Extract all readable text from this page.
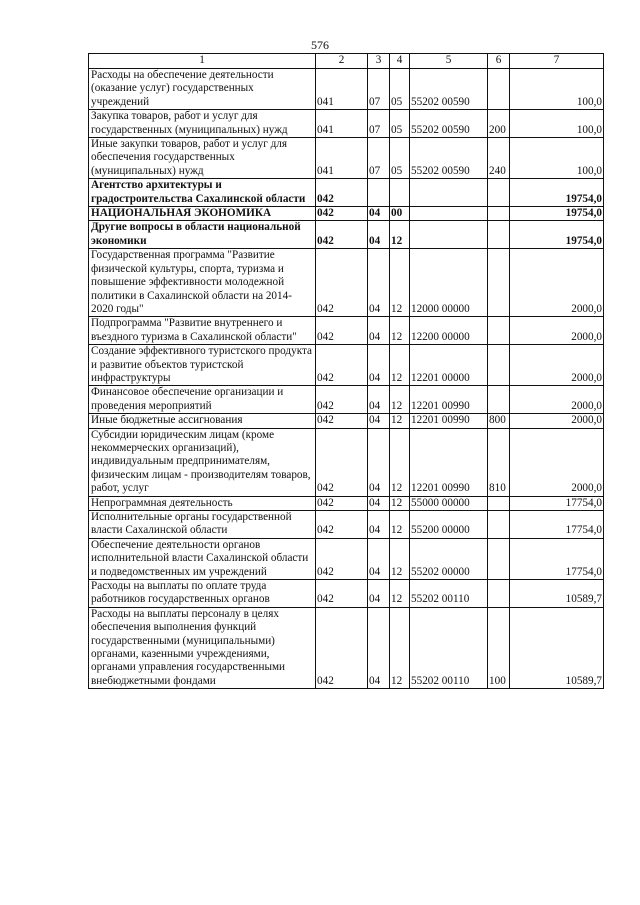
576
1	2	3	4	5	6	7
Расходы на обеспечение деятельности (оказание услуг) государственных учреждений	041	07	05	55202 00590		100,0
Закупка товаров, работ и услуг для государственных (муниципальных) нужд	041	07	05	55202 00590	200	100,0
Иные закупки товаров, работ и услуг для обеспечения государственных (муниципальных) нужд	041	07	05	55202 00590	240	100,0
Агентство архитектуры и градостроительства Сахалинской области	042					19754,0
НАЦИОНАЛЬНАЯ ЭКОНОМИКА	042	04	00			19754,0
Другие вопросы в области национальной экономики	042	04	12			19754,0
Государственная программа "Развитие физической культуры, спорта, туризма и повышение эффективности молодежной политики в Сахалинской области на 2014-2020 годы"	042	04	12	12000 00000		2000,0
Подпрограмма "Развитие внутреннего и въездного туризма в Сахалинской области"	042	04	12	12200 00000		2000,0
Создание эффективного туристского продукта и развитие объектов туристской инфраструктуры	042	04	12	12201 00000		2000,0
Финансовое обеспечение организации и проведения мероприятий	042	04	12	12201 00990		2000,0
Иные бюджетные ассигнования	042	04	12	12201 00990	800	2000,0
Субсидии юридическим лицам (кроме некоммерческих организаций), индивидуальным предпринимателям, физическим лицам - производителям товаров, работ, услуг	042	04	12	12201 00990	810	2000,0
Непрограммная деятельность	042	04	12	55000 00000		17754,0
Исполнительные органы государственной власти Сахалинской области	042	04	12	55200 00000		17754,0
Обеспечение деятельности органов исполнительной власти Сахалинской области и подведомственных им учреждений	042	04	12	55202 00000		17754,0
Расходы на выплаты по оплате труда работников государственных органов	042	04	12	55202 00110		10589,7
Расходы на выплаты персоналу в целях обеспечения выполнения функций государственными (муниципальными) органами, казенными учреждениями, органами управления государственными внебюджетными фондами	042	04	12	55202 00110	100	10589,7
